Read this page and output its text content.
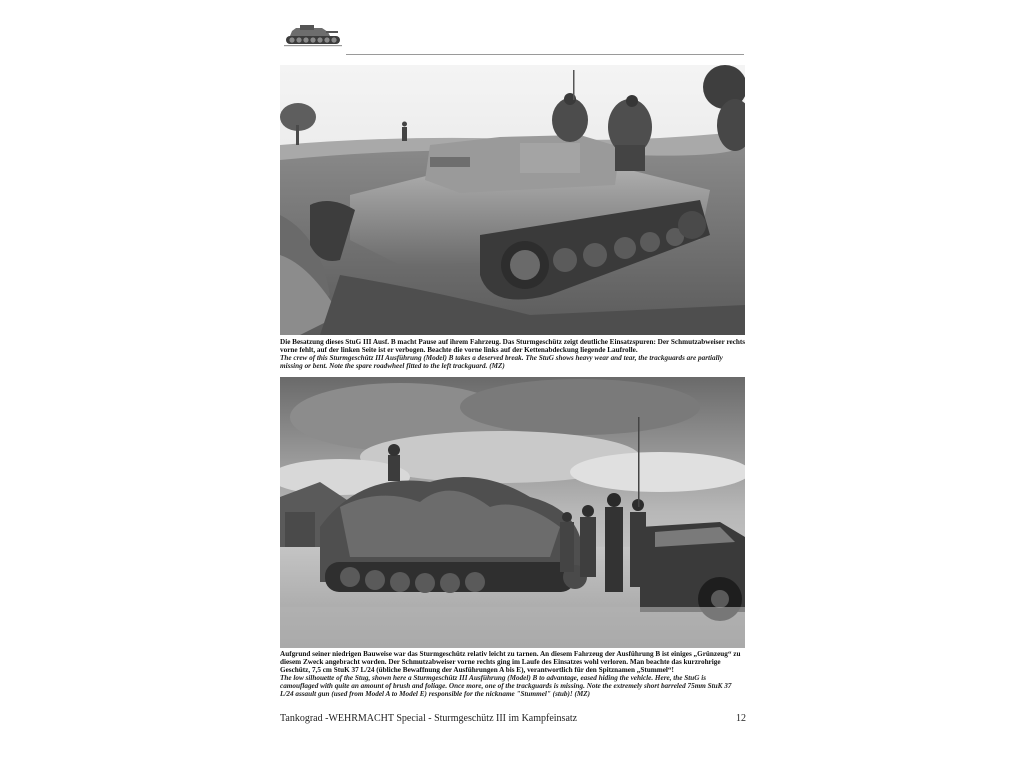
Die Besatzung dieses StuG III Ausf. B macht Pause auf ihrem Fahrzeug. Das Sturmgeschütz zeigt deutliche Einsatzspuren: Der Schmutzabweiser rechts vorne fehlt, auf der linken Seite ist er verbogen. Beachte die vorne links auf der Kettenabdeckung liegende Laufrolle.

The crew of this Sturmgeschütz III Ausführung (Model) B takes a deserved break. The StuG shows heavy wear and tear, the trackguards are partially missing or bent. Note the spare roadwheel fitted to the left trackguard. (MZ)

Aufgrund seiner niedrigen Bauweise war das Sturmgeschütz relativ leicht zu tarnen. An diesem Fahrzeug der Ausführung B ist einiges „Grünzeug“ zu diesem Zweck angebracht worden. Der Schmutzabweiser vorne rechts ging im Laufe des Einsatzes wohl verloren. Man beachte das kurzrohrige Geschütz, 7,5 cm StuK 37 L/24 (übliche Bewaffnung der Ausführungen A bis E), verantwortlich für den Spitznamen „Stummel“!

The low silhouette of the Stug, shown here a Sturmgeschütz III Ausführung (Model) B to advantage, eased hiding the vehicle. Here, the StuG is camouflaged with quite an amount of brush and foliage. Once more, one of the trackguards is missing. Note the extremely short barreled 75mm StuK 37 L/24 assault gun (used from Model A to Model E) responsible for the nickname "Stummel" (stub)! (MZ)

Tankograd -WEHRMACHT Special - Sturmgeschütz III im Kampfeinsatz	12
